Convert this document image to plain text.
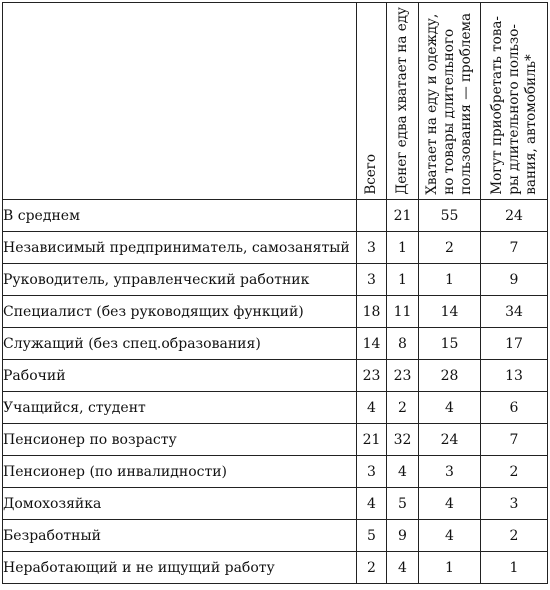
	Всего	Денег едва хватает на еду	Хватает на еду и одежду,
но товары длительного
пользования — проблема	Могут приобретать това-
ры длительного пользо-
вания, автомобиль*

В среднем		21	55	24
Независимый предприниматель, самозанятый	3	1	2	7
Руководитель, управленческий работник	3	1	1	9
Специалист (без руководящих функций)	18	11	14	34
Служащий (без спец.образования)	14	8	15	17
Рабочий	23	23	28	13
Учащийся, студент	4	2	4	6
Пенсионер по возрасту	21	32	24	7
Пенсионер (по инвалидности)	3	4	3	2
Домохозяйка	4	5	4	3
Безработный	5	9	4	2
Неработающий и не ищущий работу	2	4	1	1
